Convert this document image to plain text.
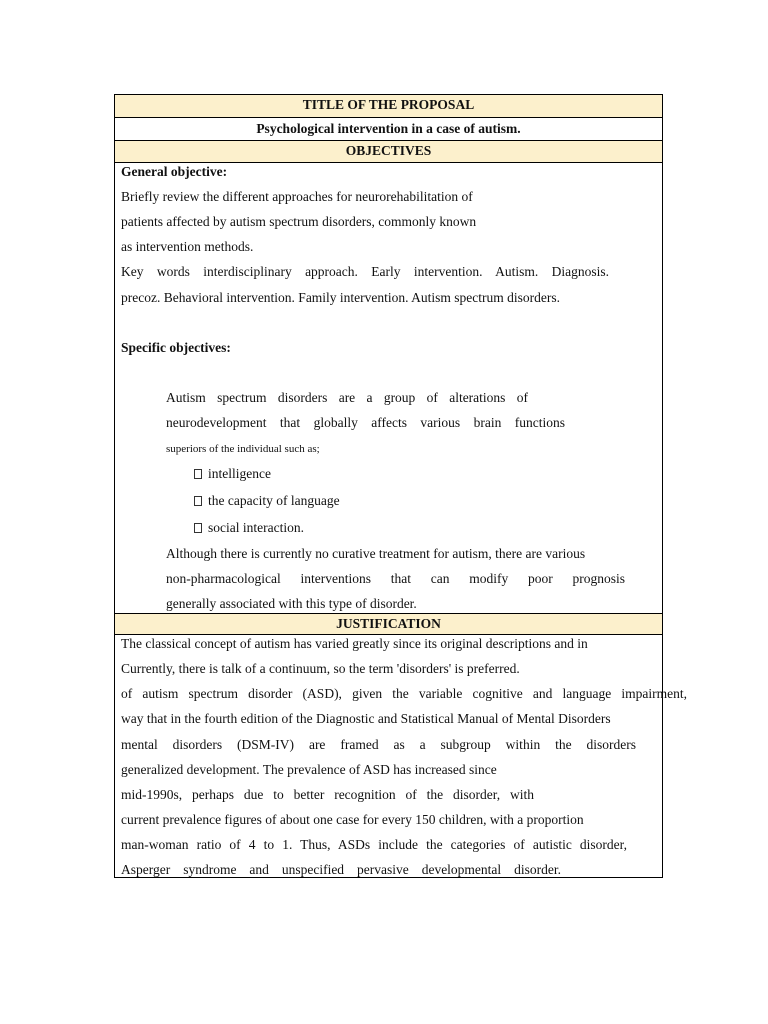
TITLE OF THE PROPOSAL
Psychological intervention in a case of autism.
OBJECTIVES
General objective:
Briefly review the different approaches for neurorehabilitation of
patients affected by autism spectrum disorders, commonly known
as intervention methods.
Key words interdisciplinary approach. Early intervention. Autism. Diagnosis.
precoz. Behavioral intervention. Family intervention. Autism spectrum disorders.
Specific objectives:
Autism spectrum disorders are a group of alterations of
neurodevelopment that globally affects various brain functions
superiors of the individual such as;
intelligence
the capacity of language
social interaction.
Although there is currently no curative treatment for autism, there are various
non-pharmacological interventions that can modify poor prognosis
generally associated with this type of disorder.
JUSTIFICATION
The classical concept of autism has varied greatly since its original descriptions and in
Currently, there is talk of a continuum, so the term 'disorders' is preferred.
of autism spectrum disorder (ASD), given the variable cognitive and language impairment,
way that in the fourth edition of the Diagnostic and Statistical Manual of Mental Disorders
mental disorders (DSM-IV) are framed as a subgroup within the disorders
generalized development. The prevalence of ASD has increased since
mid-1990s, perhaps due to better recognition of the disorder, with
current prevalence figures of about one case for every 150 children, with a proportion
man-woman ratio of 4 to 1. Thus, ASDs include the categories of autistic disorder,
Asperger syndrome and unspecified pervasive developmental disorder.
